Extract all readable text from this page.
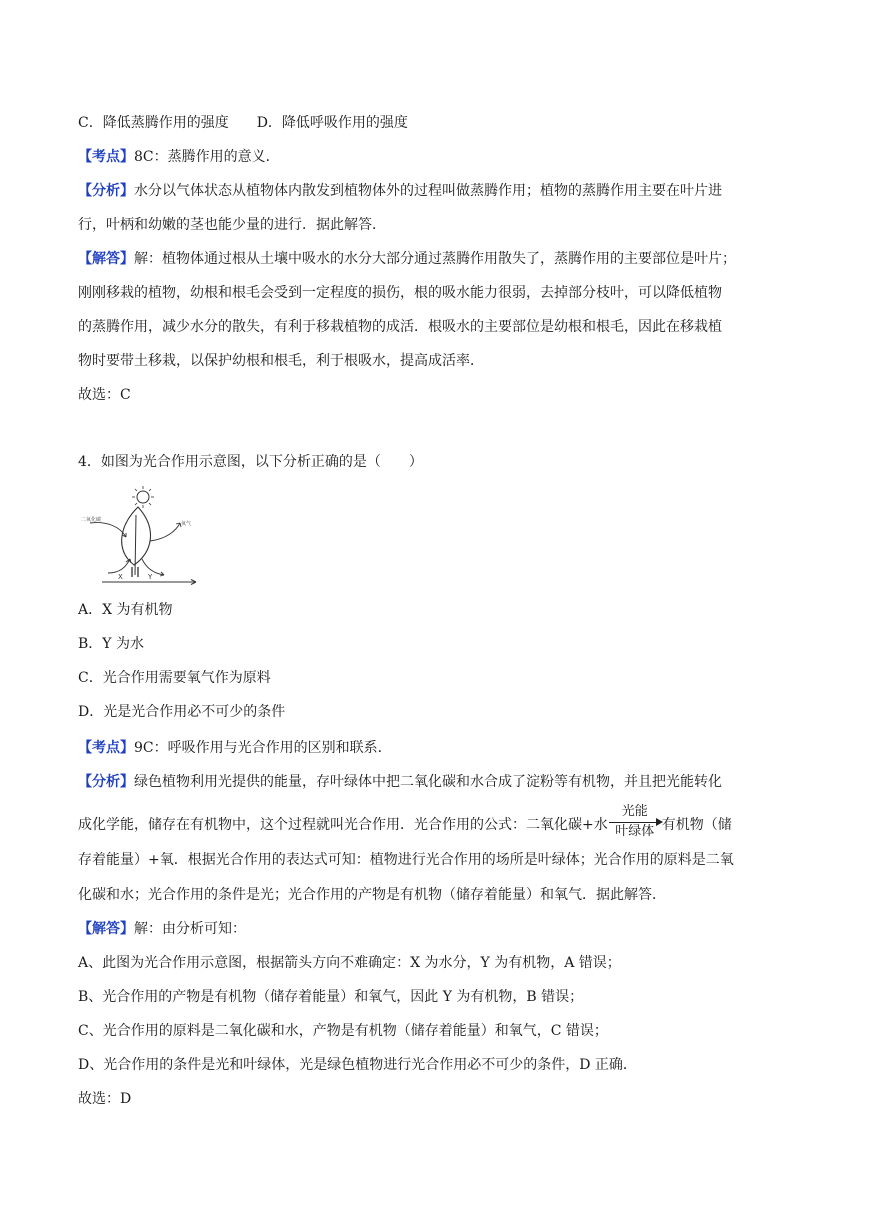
C．降低蒸腾作用的强度　　D．降低呼吸作用的强度
【考点】8C：蒸腾作用的意义．
【分析】水分以气体状态从植物体内散发到植物体外的过程叫做蒸腾作用；植物的蒸腾作用主要在叶片进
行，叶柄和幼嫩的茎也能少量的进行．据此解答．
【解答】解：植物体通过根从土壤中吸水的水分大部分通过蒸腾作用散失了，蒸腾作用的主要部位是叶片；
刚刚移栽的植物，幼根和根毛会受到一定程度的损伤，根的吸水能力很弱，去掉部分枝叶，可以降低植物
的蒸腾作用，减少水分的散失，有利于移栽植物的成活．根吸水的主要部位是幼根和根毛，因此在移栽植
物时要带土移栽，以保护幼根和根毛，利于根吸水，提高成活率．
故选：C
4．如图为光合作用示意图，以下分析正确的是（　　）
二氧化碳
氧气
X	Y
A．X 为有机物
B．Y 为水
C．光合作用需要氧气作为原料
D．光是光合作用必不可少的条件
【考点】9C：呼吸作用与光合作用的区别和联系．
【分析】绿色植物利用光提供的能量，存叶绿体中把二氧化碳和水合成了淀粉等有机物，并且把光能转化
成化学能，储存在有机物中，这个过程就叫光合作用．光合作用的公式：二氧化碳+水
光能
叶绿体 有机物（储
存着能量）+氧．根据光合作用的表达式可知：植物进行光合作用的场所是叶绿体；光合作用的原料是二氧
化碳和水；光合作用的条件是光；光合作用的产物是有机物（储存着能量）和氧气．据此解答．
【解答】解：由分析可知：
A、此图为光合作用示意图，根据箭头方向不难确定：X 为水分，Y 为有机物，A 错误；
B、光合作用的产物是有机物（储存着能量）和氧气，因此 Y 为有机物，B 错误；
C、光合作用的原料是二氧化碳和水，产物是有机物（储存着能量）和氧气，C 错误；
D、光合作用的条件是光和叶绿体，光是绿色植物进行光合作用必不可少的条件，D 正确．
故选：D
